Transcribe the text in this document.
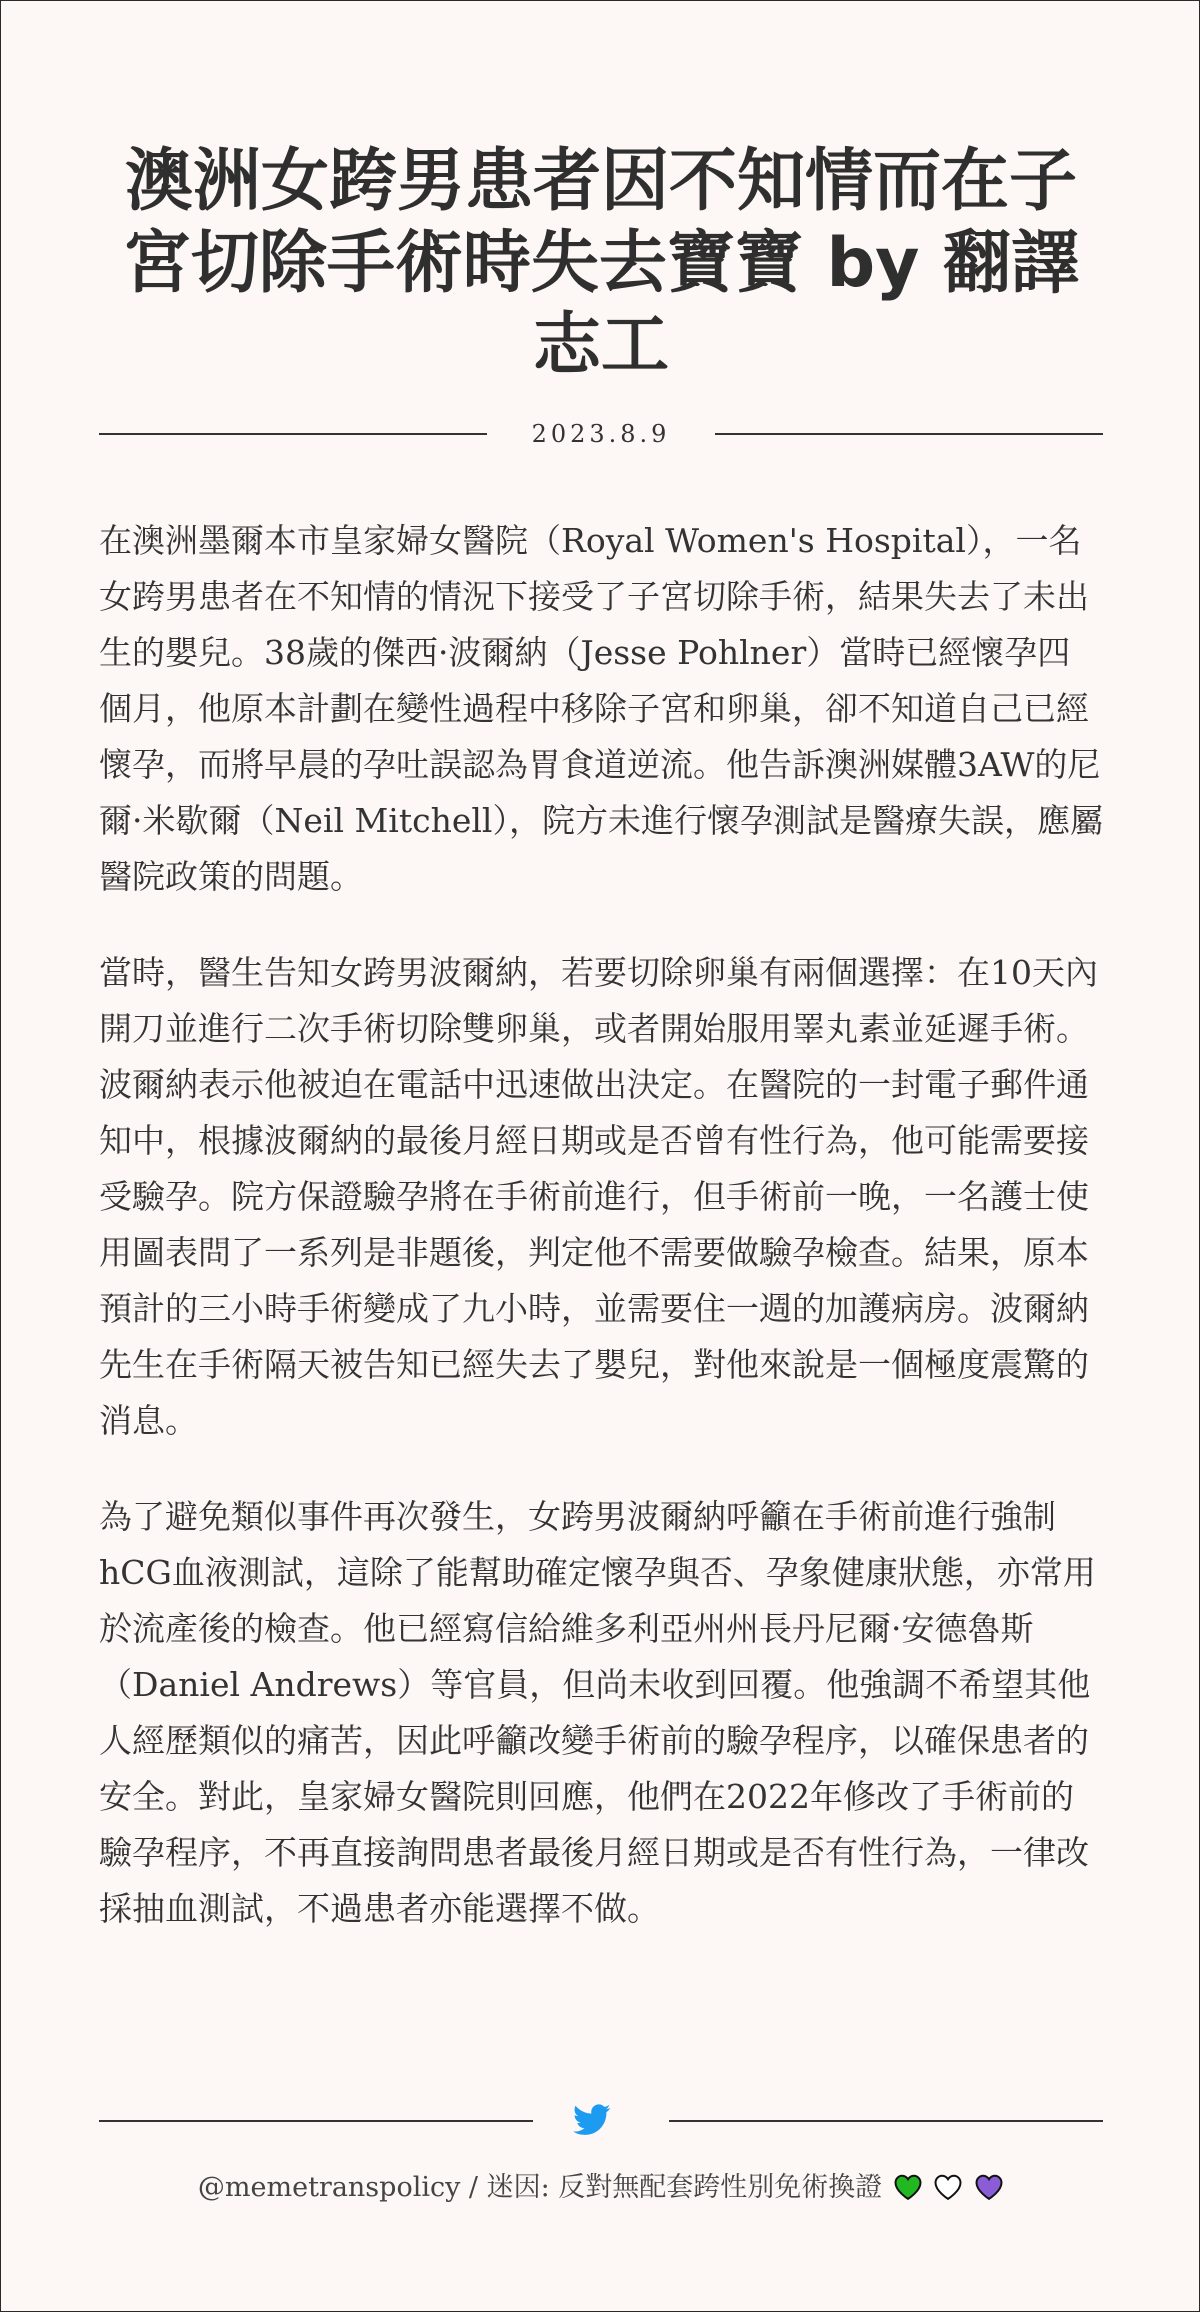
澳洲女跨男患者因不知情而在子宮切除手術時失去寶寶 by 翻譯志工
2023.8.9

在澳洲墨爾本市皇家婦女醫院（Royal Women's Hospital），一名女跨男患者在不知情的情況下接受了子宮切除手術，結果失去了未出生的嬰兒。38歲的傑西·波爾納（Jesse Pohlner）當時已經懷孕四個月，他原本計劃在變性過程中移除子宮和卵巢，卻不知道自己已經懷孕，而將早晨的孕吐誤認為胃食道逆流。他告訴澳洲媒體3AW的尼爾·米歇爾（Neil Mitchell），院方未進行懷孕測試是醫療失誤，應屬醫院政策的問題。

當時，醫生告知女跨男波爾納，若要切除卵巢有兩個選擇：在10天內開刀並進行二次手術切除雙卵巢，或者開始服用睪丸素並延遲手術。波爾納表示他被迫在電話中迅速做出決定。在醫院的一封電子郵件通知中，根據波爾納的最後月經日期或是否曾有性行為，他可能需要接受驗孕。院方保證驗孕將在手術前進行，但手術前一晚，一名護士使用圖表問了一系列是非題後，判定他不需要做驗孕檢查。結果，原本預計的三小時手術變成了九小時，並需要住一週的加護病房。波爾納先生在手術隔天被告知已經失去了嬰兒，對他來說是一個極度震驚的消息。

為了避免類似事件再次發生，女跨男波爾納呼籲在手術前進行強制hCG血液測試，這除了能幫助確定懷孕與否、孕象健康狀態，亦常用於流產後的檢查。他已經寫信給維多利亞州州長丹尼爾·安德魯斯（Daniel Andrews）等官員，但尚未收到回覆。他強調不希望其他人經歷類似的痛苦，因此呼籲改變手術前的驗孕程序，以確保患者的安全。對此，皇家婦女醫院則回應，他們在2022年修改了手術前的驗孕程序，不再直接詢問患者最後月經日期或是否有性行為，一律改採抽血測試，不過患者亦能選擇不做。

@memetranspolicy / 迷因: 反對無配套跨性別免術換證
